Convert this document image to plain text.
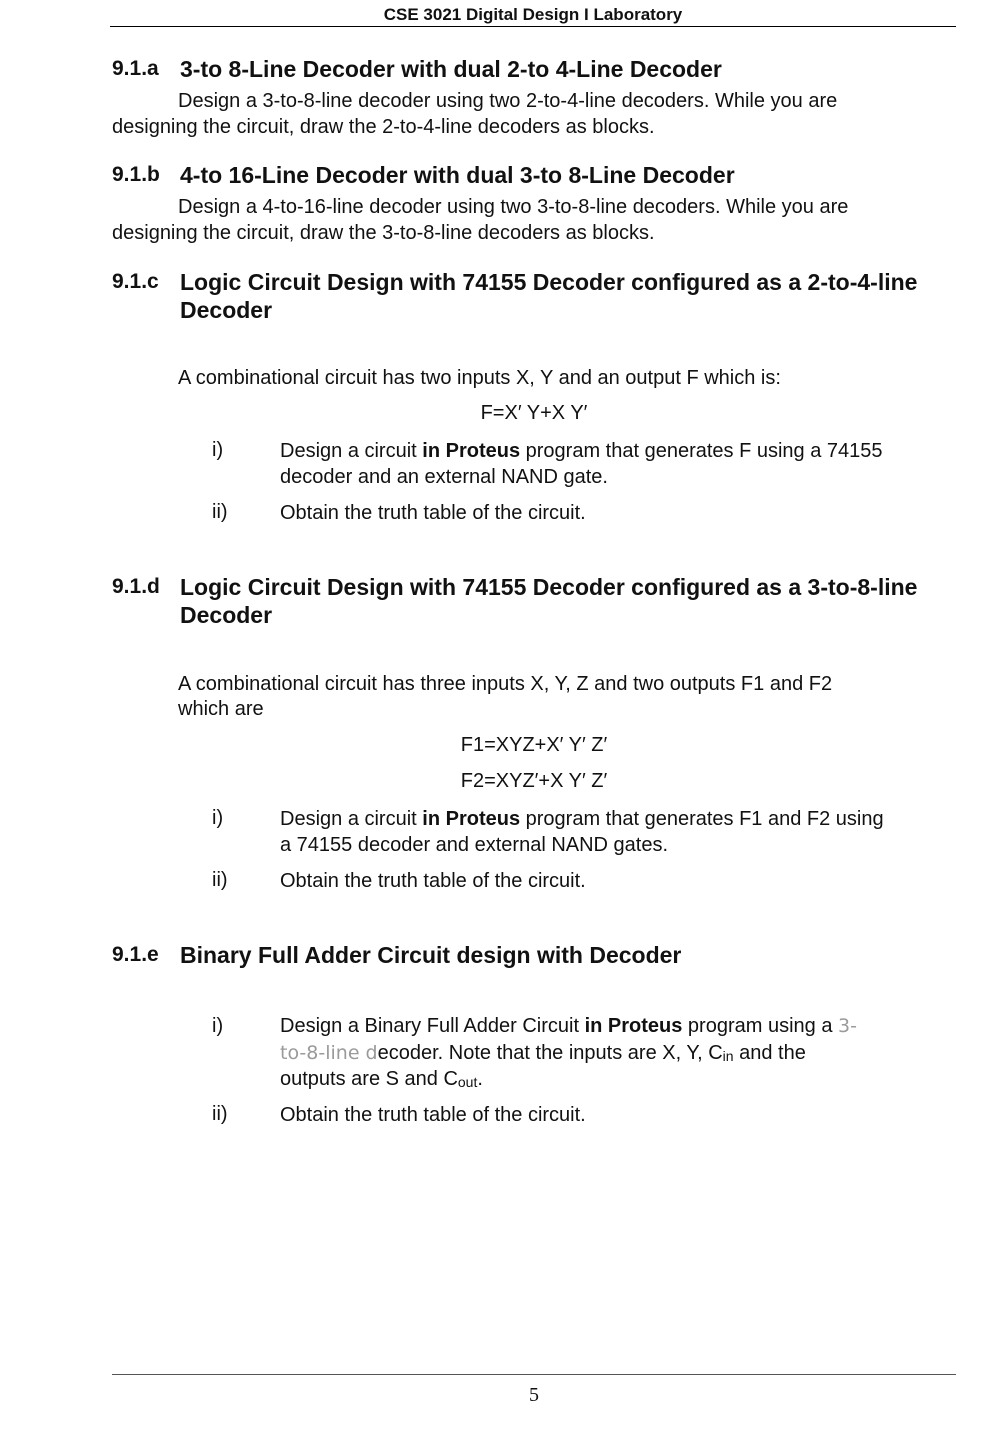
CSE 3021 Digital Design I Laboratory
9.1.a 3-to 8-Line Decoder with dual 2-to 4-Line Decoder
Design a 3-to-8-line decoder using two 2-to-4-line decoders. While you are
designing the circuit, draw the 2-to-4-line decoders as blocks.
9.1.b 4-to 16-Line Decoder with dual 3-to 8-Line Decoder
Design a 4-to-16-line decoder using two 3-to-8-line decoders. While you are
designing the circuit, draw the 3-to-8-line decoders as blocks.
9.1.c Logic Circuit Design with 74155 Decoder configured as a 2-to-4-line
Decoder
A combinational circuit has two inputs X, Y and an output F which is:
F=X′ Y+X Y′
i)	Design a circuit in Proteus program that generates F using a 74155
decoder and an external NAND gate.
ii)	Obtain the truth table of the circuit.
9.1.d Logic Circuit Design with 74155 Decoder configured as a 3-to-8-line
Decoder
A combinational circuit has three inputs X, Y, Z and two outputs F1 and F2
which are
F1=XYZ+X′ Y′ Z′
F2=XYZ′+X Y′ Z′
i)	Design a circuit in Proteus program that generates F1 and F2 using
a 74155 decoder and external NAND gates.
ii)	Obtain the truth table of the circuit.
9.1.e Binary Full Adder Circuit design with Decoder
i)	Design a Binary Full Adder Circuit in Proteus program using a 3-
to-8-line decoder. Note that the inputs are X, Y, $C_{in}$ and the
outputs are S and $C_{out}$.
ii)	Obtain the truth table of the circuit.
5
